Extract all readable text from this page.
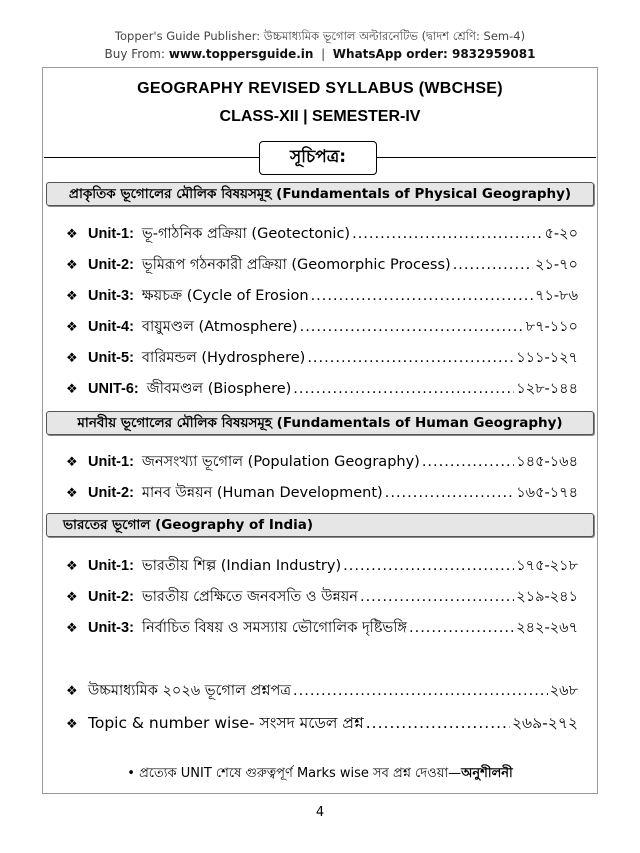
Topper's Guide Publisher: উচ্চমাধ্যমিক ভূগোল অল্টারনেটিভ (দ্বাদশ শ্রেণি: Sem-4)
Buy From: www.toppersguide.in | WhatsApp order: 9832959081
GEOGRAPHY REVISED SYLLABUS (WBCHSE)
CLASS-XII | SEMESTER-IV
সূচিপত্র:
প্রাকৃতিক ভূগোলের মৌলিক বিষয়সমূহ (Fundamentals of Physical Geography)
❖ Unit-1: ভূ-গাঠনিক প্রক্রিয়া (Geotectonic) .....	৫-২০
❖ Unit-2: ভূমিরূপ গঠনকারী প্রক্রিয়া (Geomorphic Process) .....	২১-৭০
❖ Unit-3: ক্ষয়চক্র (Cycle of Erosion .....	৭১-৮৬
❖ Unit-4: বায়ুমণ্ডল (Atmosphere) .....	৮৭-১১০
❖ Unit-5: বারিমন্ডল (Hydrosphere) .....	১১১-১২৭
❖ UNIT-6: জীবমণ্ডল (Biosphere) .....	১২৮-১৪৪
মানবীয় ভূগোলের মৌলিক বিষয়সমূহ (Fundamentals of Human Geography)
❖ Unit-1: জনসংখ্যা ভূগোল (Population Geography) .....	১৪৫-১৬৪
❖ Unit-2: মানব উন্নয়ন (Human Development) .....	১৬৫-১৭৪
ভারতের ভূগোল (Geography of India)
❖ Unit-1: ভারতীয় শিল্প (Indian Industry) .....	১৭৫-২১৮
❖ Unit-2: ভারতীয় প্রেক্ষিতে জনবসতি ও উন্নয়ন .....	২১৯-২৪১
❖ Unit-3: নির্বাচিত বিষয় ও সমস্যায় ভৌগোলিক দৃষ্টিভঙ্গি .....	২৪২-২৬৭
❖ উচ্চমাধ্যমিক ২০২৬ ভূগোল প্রশ্নপত্র .....	২৬৮
❖ Topic & number wise- সংসদ মডেল প্রশ্ন .....	২৬৯-২৭২
• প্রত্যেক UNIT শেষে গুরুত্বপূর্ণ Marks wise সব প্রশ্ন দেওয়া—অনুশীলনী
4
